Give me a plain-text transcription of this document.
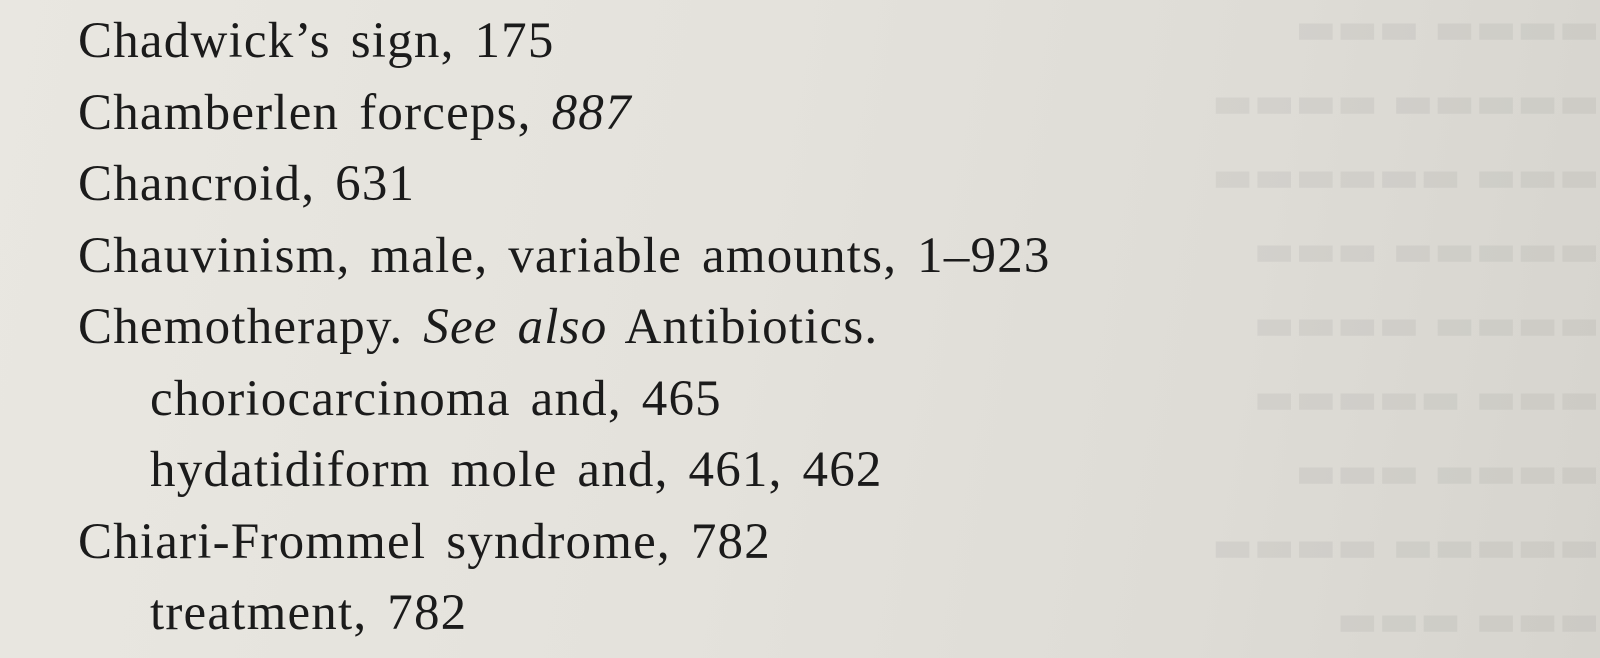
▬▬▬▬ ▬▬▬
▬▬▬▬▬ ▬▬▬▬
▬▬▬ ▬▬▬▬▬▬
▬▬▬▬▬ ▬▬▬
▬▬▬▬ ▬▬▬▬
▬▬▬ ▬▬▬▬▬
▬▬▬▬ ▬▬▬
▬▬▬▬▬ ▬▬▬▬
▬▬▬ ▬▬▬
Chadwick’s sign, 175
Chamberlen forceps, 887
Chancroid, 631
Chauvinism, male, variable amounts, 1–923
Chemotherapy. See also Antibiotics.
choriocarcinoma and, 465
hydatidiform mole and, 461, 462
Chiari-Frommel syndrome, 782
treatment, 782
